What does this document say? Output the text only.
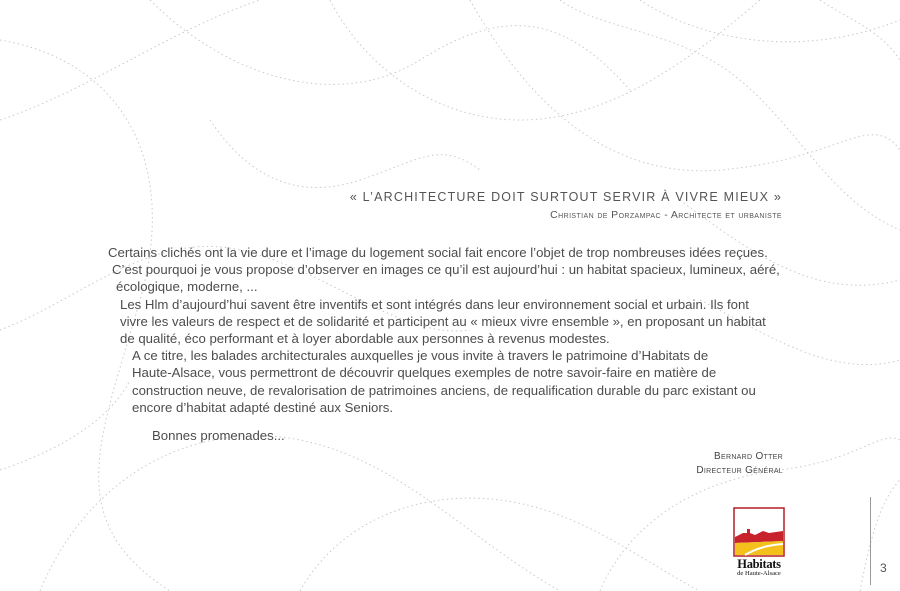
« L’ARCHITECTURE DOIT SURTOUT SERVIR À VIVRE MIEUX »
Christian de Porzampac - Architecte et urbaniste

Certains clichés ont la vie dure et l’image du logement social fait encore l’objet de trop nombreuses idées reçues.
C’est pourquoi je vous propose d’observer en images ce qu’il est aujourd’hui : un habitat spacieux, lumineux, aéré,
écologique, moderne, ...

Les Hlm d’aujourd’hui savent être inventifs et sont intégrés dans leur environnement social et urbain. Ils font
vivre les valeurs de respect et de solidarité et participent au « mieux vivre ensemble », en proposant un habitat
de qualité, éco performant et à loyer abordable aux personnes à revenus modestes.

A ce titre, les balades architecturales auxquelles je vous invite à travers le patrimoine d’Habitats de
Haute-Alsace, vous permettront de découvrir quelques exemples de notre savoir-faire en matière de
construction neuve, de revalorisation de patrimoines anciens, de requalification durable du parc existant ou
encore d’habitat adapté destiné aux Seniors.

Bonnes promenades...
Bernard Otter
Directeur Général
Habitats
de Haute-Alsace	3
